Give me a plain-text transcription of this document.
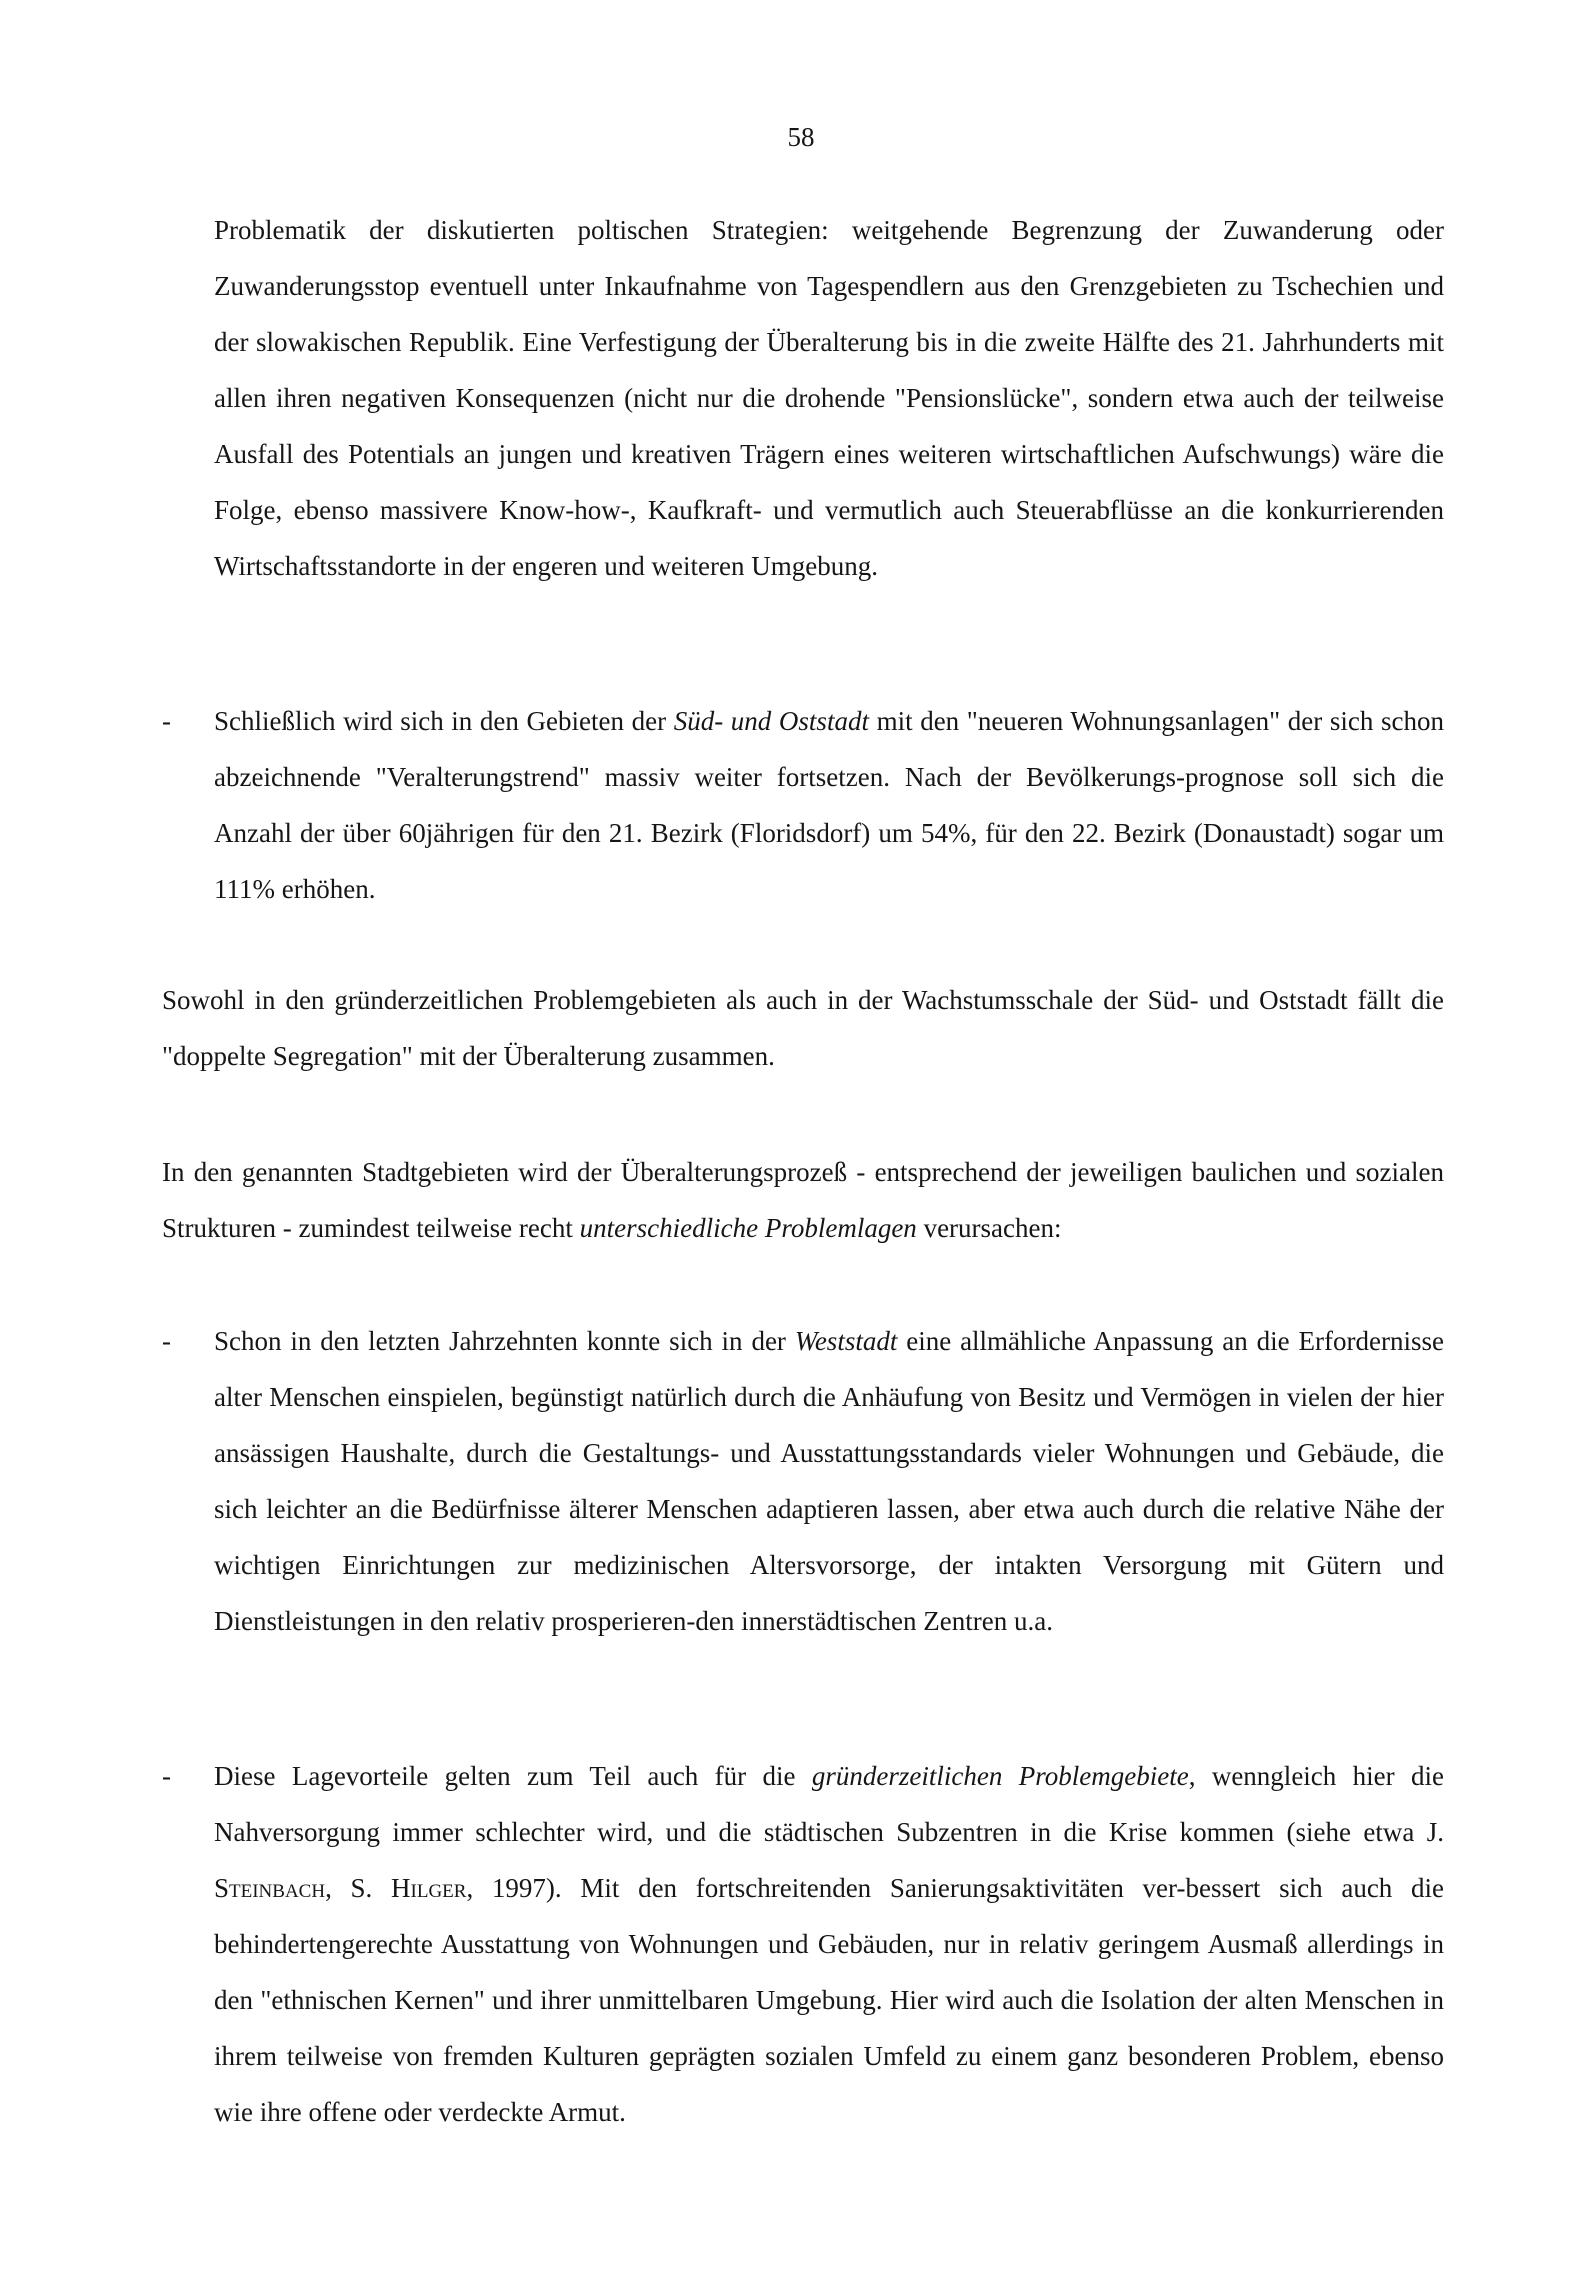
58

Problematik der diskutierten poltischen Strategien: weitgehende Begrenzung der Zuwanderung oder Zuwanderungsstop eventuell unter Inkaufnahme von Tagespendlern aus den Grenzgebieten zu Tschechien und der slowakischen Republik. Eine Verfestigung der Überalterung bis in die zweite Hälfte des 21. Jahrhunderts mit allen ihren negativen Konsequenzen (nicht nur die drohende "Pensionslücke", sondern etwa auch der teilweise Ausfall des Potentials an jungen und kreativen Trägern eines weiteren wirtschaftlichen Aufschwungs) wäre die Folge, ebenso massivere Know-how-, Kaufkraft- und vermutlich auch Steuerabflüsse an die konkurrierenden Wirtschaftsstandorte in der engeren und weiteren Umgebung.

- Schließlich wird sich in den Gebieten der Süd- und Oststadt mit den "neueren Wohnungsanlagen" der sich schon abzeichnende "Veralterungstrend" massiv weiter fortsetzen. Nach der Bevölkerungs-prognose soll sich die Anzahl der über 60jährigen für den 21. Bezirk (Floridsdorf) um 54%, für den 22. Bezirk (Donaustadt) sogar um 111% erhöhen.

Sowohl in den gründerzeitlichen Problemgebieten als auch in der Wachstumsschale der Süd- und Oststadt fällt die "doppelte Segregation" mit der Überalterung zusammen.

In den genannten Stadtgebieten wird der Überalterungsprozeß - entsprechend der jeweiligen baulichen und sozialen Strukturen - zumindest teilweise recht unterschiedliche Problemlagen verursachen:

- Schon in den letzten Jahrzehnten konnte sich in der Weststadt eine allmähliche Anpassung an die Erfordernisse alter Menschen einspielen, begünstigt natürlich durch die Anhäufung von Besitz und Vermögen in vielen der hier ansässigen Haushalte, durch die Gestaltungs- und Ausstattungsstandards vieler Wohnungen und Gebäude, die sich leichter an die Bedürfnisse älterer Menschen adaptieren lassen, aber etwa auch durch die relative Nähe der wichtigen Einrichtungen zur medizinischen Altersvorsorge, der intakten Versorgung mit Gütern und Dienstleistungen in den relativ prosperieren-den innerstädtischen Zentren u.a.

- Diese Lagevorteile gelten zum Teil auch für die gründerzeitlichen Problemgebiete, wenngleich hier die Nahversorgung immer schlechter wird, und die städtischen Subzentren in die Krise kommen (siehe etwa J. Steinbach, S. Hilger, 1997). Mit den fortschreitenden Sanierungsaktivitäten ver-bessert sich auch die behindertengerechte Ausstattung von Wohnungen und Gebäuden, nur in relativ geringem Ausmaß allerdings in den "ethnischen Kernen" und ihrer unmittelbaren Umgebung. Hier wird auch die Isolation der alten Menschen in ihrem teilweise von fremden Kulturen geprägten sozialen Umfeld zu einem ganz besonderen Problem, ebenso wie ihre offene oder verdeckte Armut.
